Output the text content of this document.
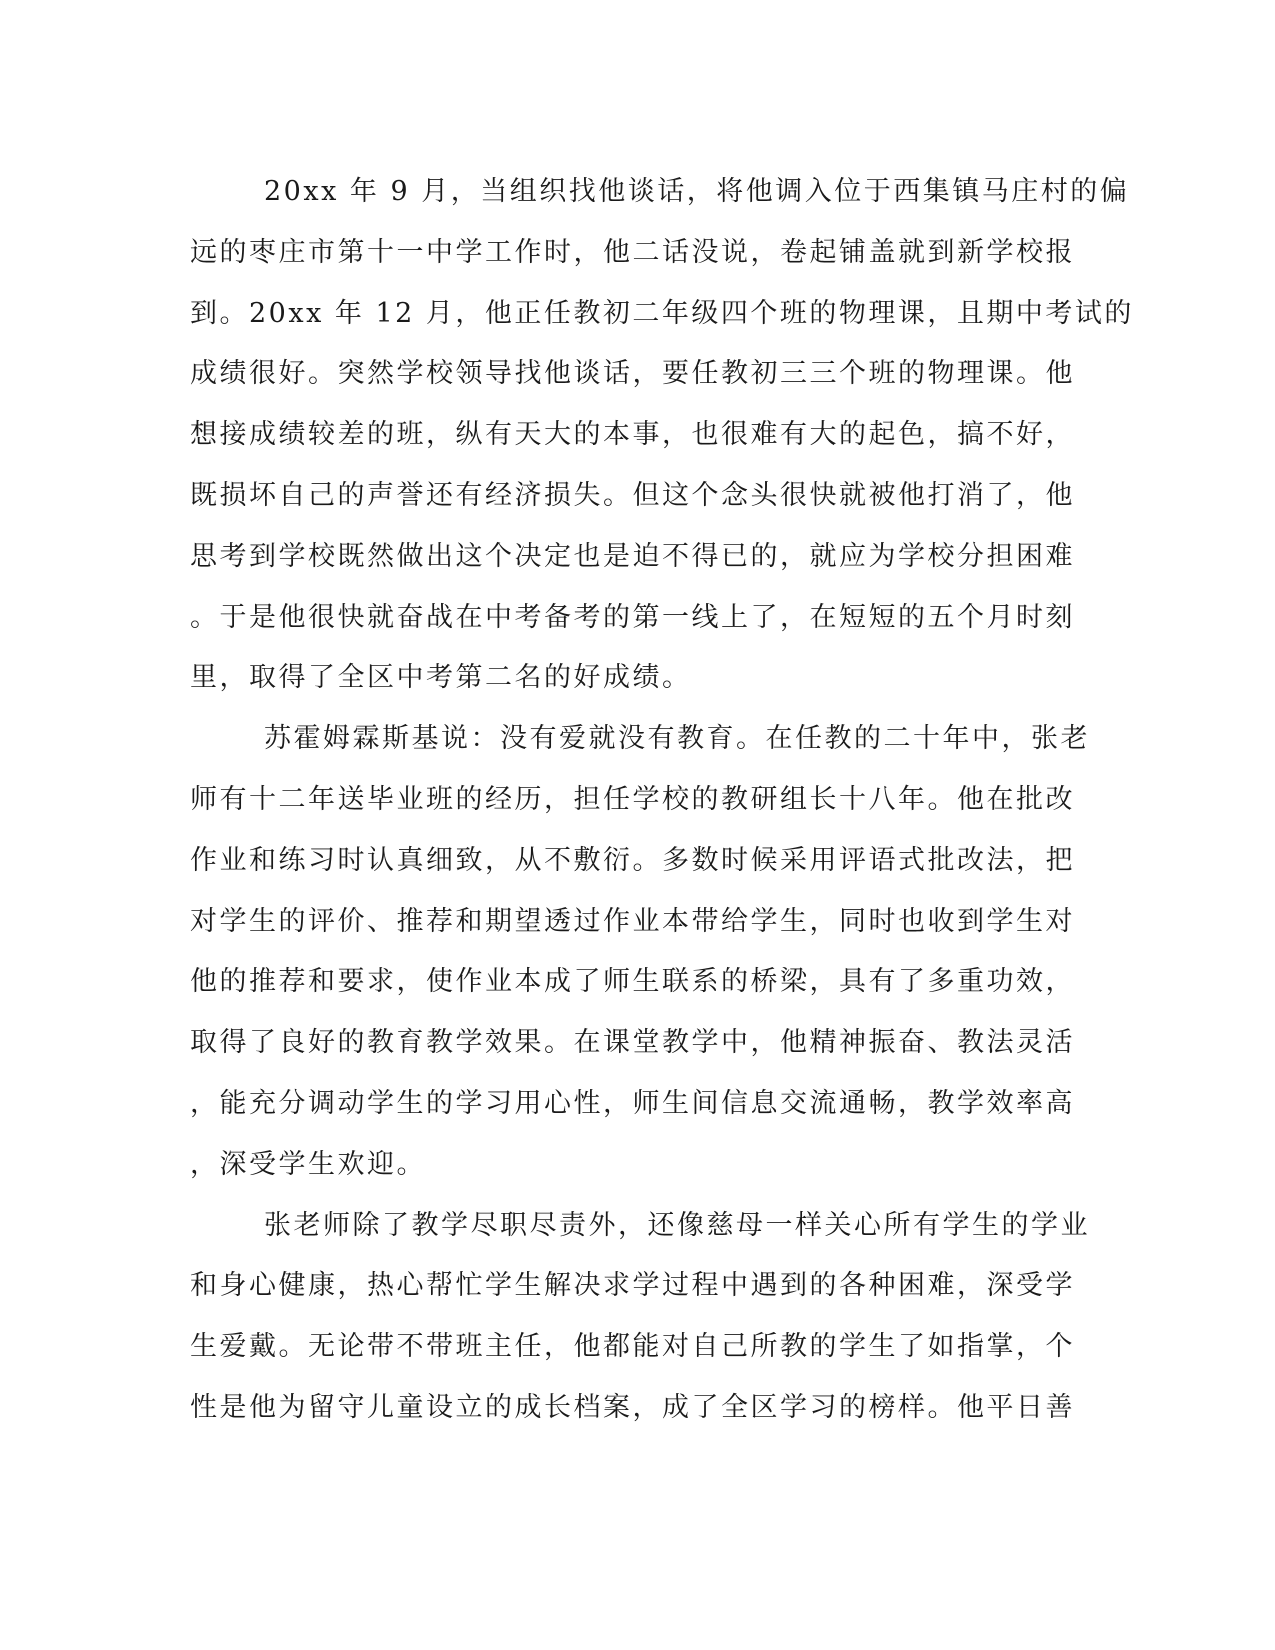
20xx 年 9 月，当组织找他谈话，将他调入位于西集镇马庄村的偏
远的枣庄市第十一中学工作时，他二话没说，卷起铺盖就到新学校报
到。20xx 年 12 月，他正任教初二年级四个班的物理课，且期中考试的
成绩很好。突然学校领导找他谈话，要任教初三三个班的物理课。他
想接成绩较差的班，纵有天大的本事，也很难有大的起色，搞不好，
既损坏自己的声誉还有经济损失。但这个念头很快就被他打消了，他
思考到学校既然做出这个决定也是迫不得已的，就应为学校分担困难
。于是他很快就奋战在中考备考的第一线上了，在短短的五个月时刻
里，取得了全区中考第二名的好成绩。
苏霍姆霖斯基说：没有爱就没有教育。在任教的二十年中，张老
师有十二年送毕业班的经历，担任学校的教研组长十八年。他在批改
作业和练习时认真细致，从不敷衍。多数时候采用评语式批改法，把
对学生的评价、推荐和期望透过作业本带给学生，同时也收到学生对
他的推荐和要求，使作业本成了师生联系的桥梁，具有了多重功效，
取得了良好的教育教学效果。在课堂教学中，他精神振奋、教法灵活
，能充分调动学生的学习用心性，师生间信息交流通畅，教学效率高
，深受学生欢迎。
张老师除了教学尽职尽责外，还像慈母一样关心所有学生的学业
和身心健康，热心帮忙学生解决求学过程中遇到的各种困难，深受学
生爱戴。无论带不带班主任，他都能对自己所教的学生了如指掌，个
性是他为留守儿童设立的成长档案，成了全区学习的榜样。他平日善
